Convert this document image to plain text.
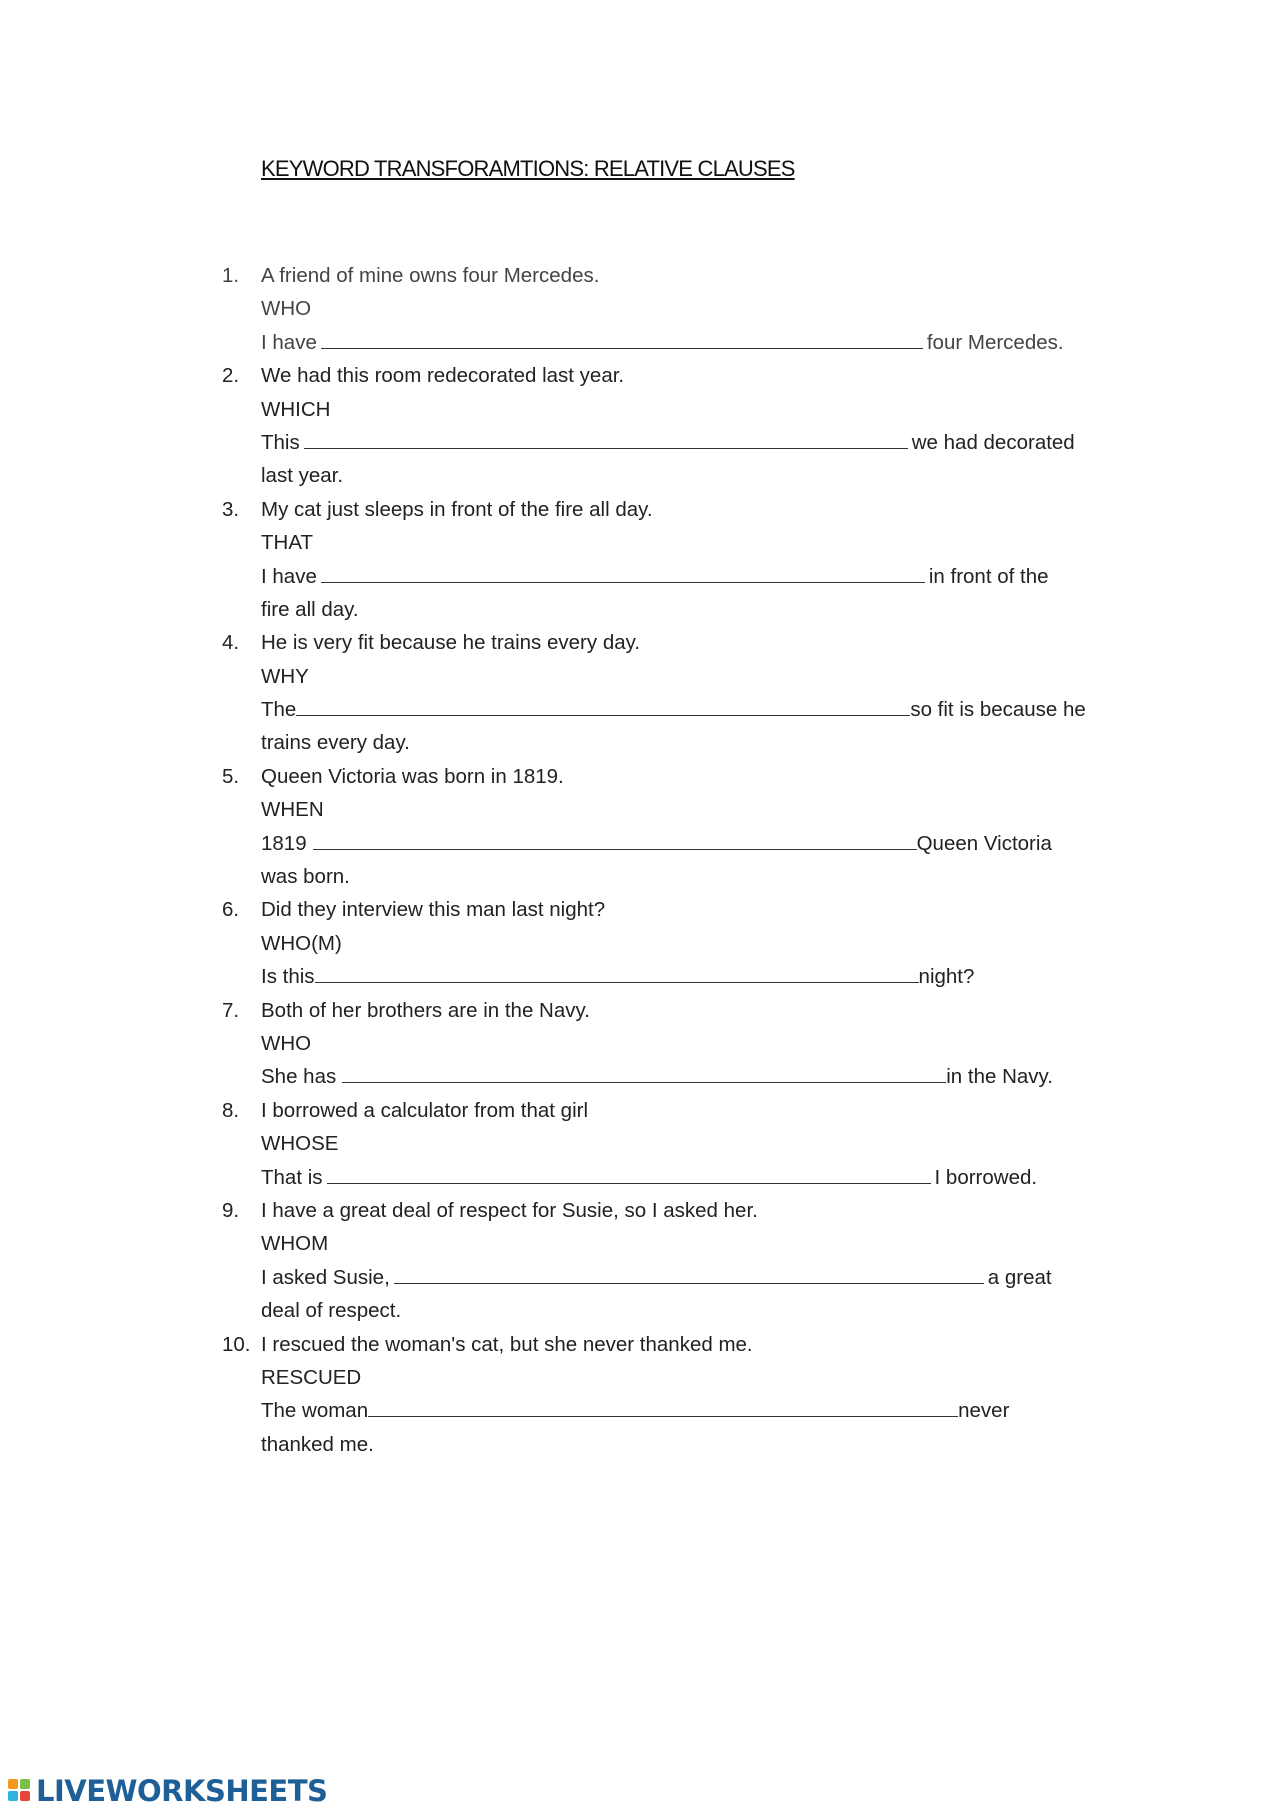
KEYWORD TRANSFORAMTIONS: RELATIVE CLAUSES
1.	A friend of mine owns four Mercedes.
WHO
I have	four Mercedes.
2.	We had this room redecorated last year.
WHICH
This	we had decorated
last year.
3.	My cat just sleeps in front of the fire all day.
THAT
I have	in front of the
fire all day.
4.	He is very fit because he trains every day.
WHY
The	so fit is because he
trains every day.
5.	Queen Victoria was born in 1819.
WHEN
1819	Queen Victoria
was born.
6.	Did they interview this man last night?
WHO(M)
Is this	night?
7.	Both of her brothers are in the Navy.
WHO
She has	in the Navy.
8.	I borrowed a calculator from that girl
WHOSE
That is	I borrowed.
9.	I have a great deal of respect for Susie, so I asked her.
WHOM
I asked Susie,	a great
deal of respect.
10. I rescued the woman's cat, but she never thanked me.
RESCUED
The woman	never
thanked me.
LIVEWORKSHEETS
